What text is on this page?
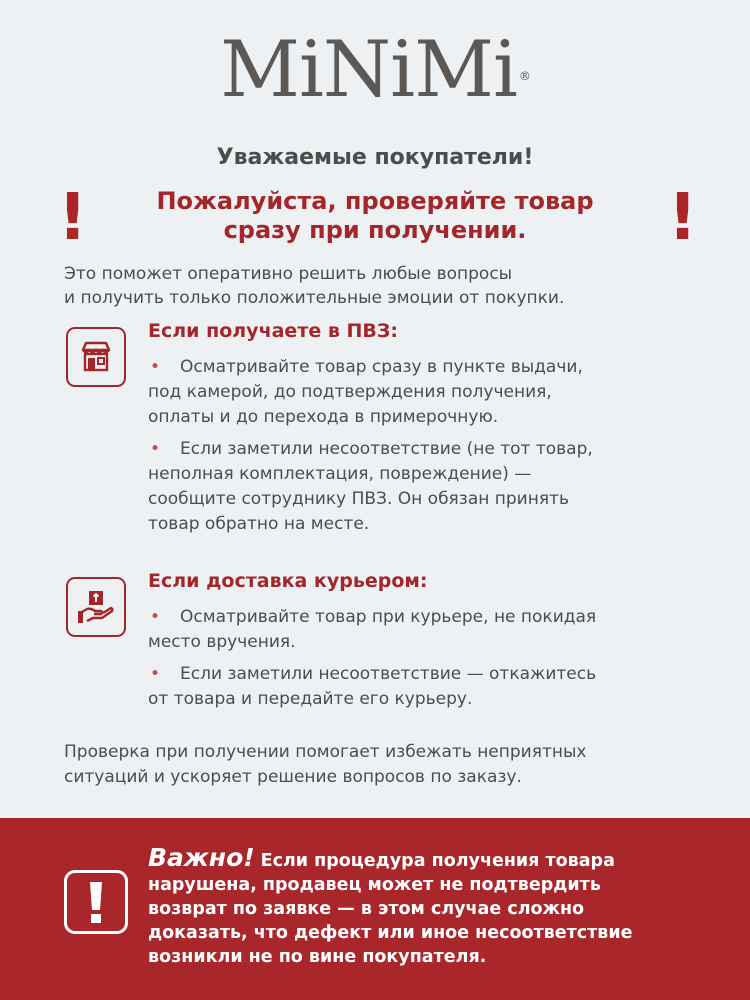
MiNiMi ®
Уважаемые покупатели!
!	!
Пожалуйста, проверяйте товар
сразу при получении.
Это поможет оперативно решить любые вопросы
и получить только положительные эмоции от покупки.
Если получаете в ПВЗ:
• Осматривайте товар сразу в пункте выдачи,
под камерой, до подтверждения получения,
оплаты и до перехода в примерочную.
• Если заметили несоответствие (не тот товар,
неполная комплектация, повреждение) —
сообщите сотруднику ПВЗ. Он обязан принять
товар обратно на месте.
Если доставка курьером:
• Осматривайте товар при курьере, не покидая
место вручения.
• Если заметили несоответствие — откажитесь
от товара и передайте его курьеру.
Проверка при получении помогает избежать неприятных
ситуаций и ускоряет решение вопросов по заказу.
Важно! Если процедура получения товара
нарушена, продавец может не подтвердить
возврат по заявке — в этом случае сложно
доказать, что дефект или иное несоответствие
возникли не по вине покупателя.
